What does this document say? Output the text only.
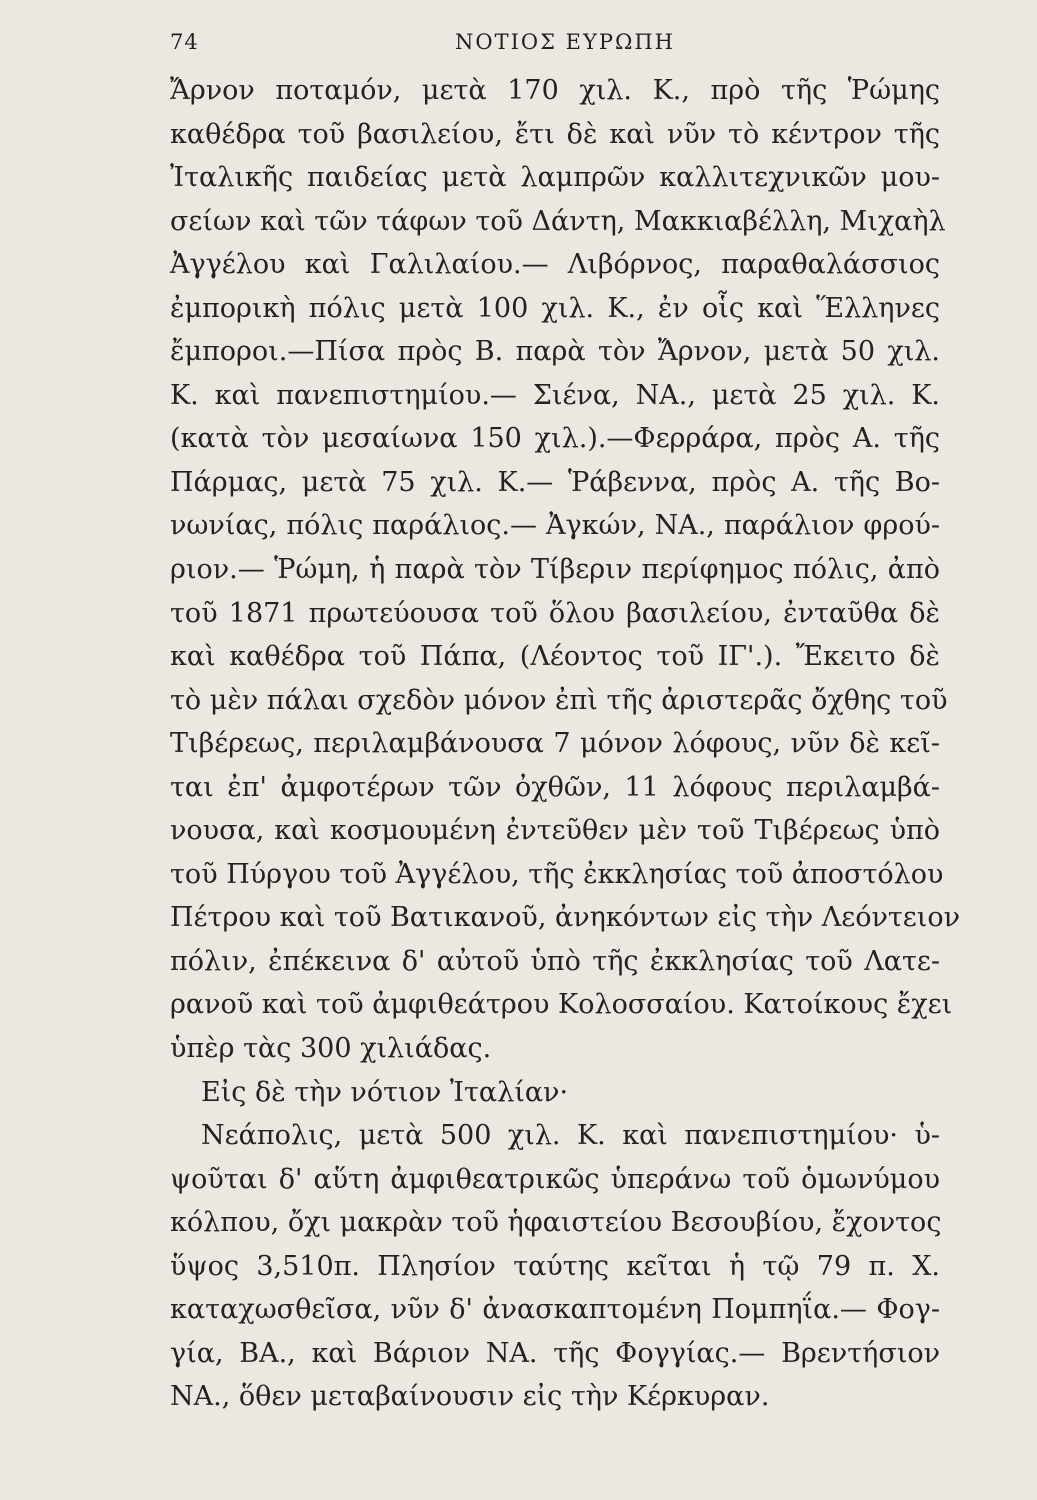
74	ΝΟΤΙΟΣ ΕΥΡΩΠΗ
Ἄρνον ποταμόν, μετὰ 170 χιλ. Κ., πρὸ τῆς Ῥώμης
καθέδρα τοῦ βασιλείου, ἔτι δὲ καὶ νῦν τὸ κέντρον τῆς
Ἰταλικῆς παιδείας μετὰ λαμπρῶν καλλιτεχνικῶν μου-
σείων καὶ τῶν τάφων τοῦ Δάντη, Μακκιαβέλλη, Μιχαὴλ
Ἀγγέλου καὶ Γαλιλαίου.— Λιβόρνος, παραθαλάσσιος
ἐμπορικὴ πόλις μετὰ 100 χιλ. Κ., ἐν οἷς καὶ Ἕλληνες
ἔμποροι.—Πίσα πρὸς Β. παρὰ τὸν Ἄρνον, μετὰ 50 χιλ.
Κ. καὶ πανεπιστημίου.— Σιένα, ΝΑ., μετὰ 25 χιλ. Κ.
(κατὰ τὸν μεσαίωνα 150 χιλ.).—Φερράρα, πρὸς Α. τῆς
Πάρμας, μετὰ 75 χιλ. Κ.— Ῥάβεννα, πρὸς Α. τῆς Βο-
νωνίας, πόλις παράλιος.— Ἀγκών, ΝΑ., παράλιον φρού-
ριον.— Ῥώμη, ἡ παρὰ τὸν Τίβεριν περίφημος πόλις, ἀπὸ
τοῦ 1871 πρωτεύουσα τοῦ ὅλου βασιλείου, ἐνταῦθα δὲ
καὶ καθέδρα τοῦ Πάπα, (Λέοντος τοῦ ΙΓ'.). Ἔκειτο δὲ
τὸ μὲν πάλαι σχεδὸν μόνον ἐπὶ τῆς ἀριστερᾶς ὄχθης τοῦ
Τιβέρεως, περιλαμβάνουσα 7 μόνον λόφους, νῦν δὲ κεῖ-
ται ἐπ' ἀμφοτέρων τῶν ὀχθῶν, 11 λόφους περιλαμβά-
νουσα, καὶ κοσμουμένη ἐντεῦθεν μὲν τοῦ Τιβέρεως ὑπὸ
τοῦ Πύργου τοῦ Ἀγγέλου, τῆς ἐκκλησίας τοῦ ἀποστόλου
Πέτρου καὶ τοῦ Βατικανοῦ, ἀνηκόντων εἰς τὴν Λεόντειον
πόλιν, ἐπέκεινα δ' αὐτοῦ ὑπὸ τῆς ἐκκλησίας τοῦ Λατε-
ρανοῦ καὶ τοῦ ἀμφιθεάτρου Κολοσσαίου. Κατοίκους ἔχει
ὑπὲρ τὰς 300 χιλιάδας.
Εἰς δὲ τὴν νότιον Ἰταλίαν·
Νεάπολις, μετὰ 500 χιλ. Κ. καὶ πανεπιστημίου· ὑ-
ψοῦται δ' αὕτη ἀμφιθεατρικῶς ὑπεράνω τοῦ ὁμωνύμου
κόλπου, ὄχι μακρὰν τοῦ ἡφαιστείου Βεσουβίου, ἔχοντος
ὕψος 3,510π. Πλησίον ταύτης κεῖται ἡ τῷ 79 π. Χ.
καταχωσθεῖσα, νῦν δ' ἀνασκαπτομένη Πομπηΐα.— Φογ-
γία, ΒΑ., καὶ Βάριον ΝΑ. τῆς Φογγίας.— Βρεντήσιον
ΝΑ., ὅθεν μεταβαίνουσιν εἰς τὴν Κέρκυραν.
